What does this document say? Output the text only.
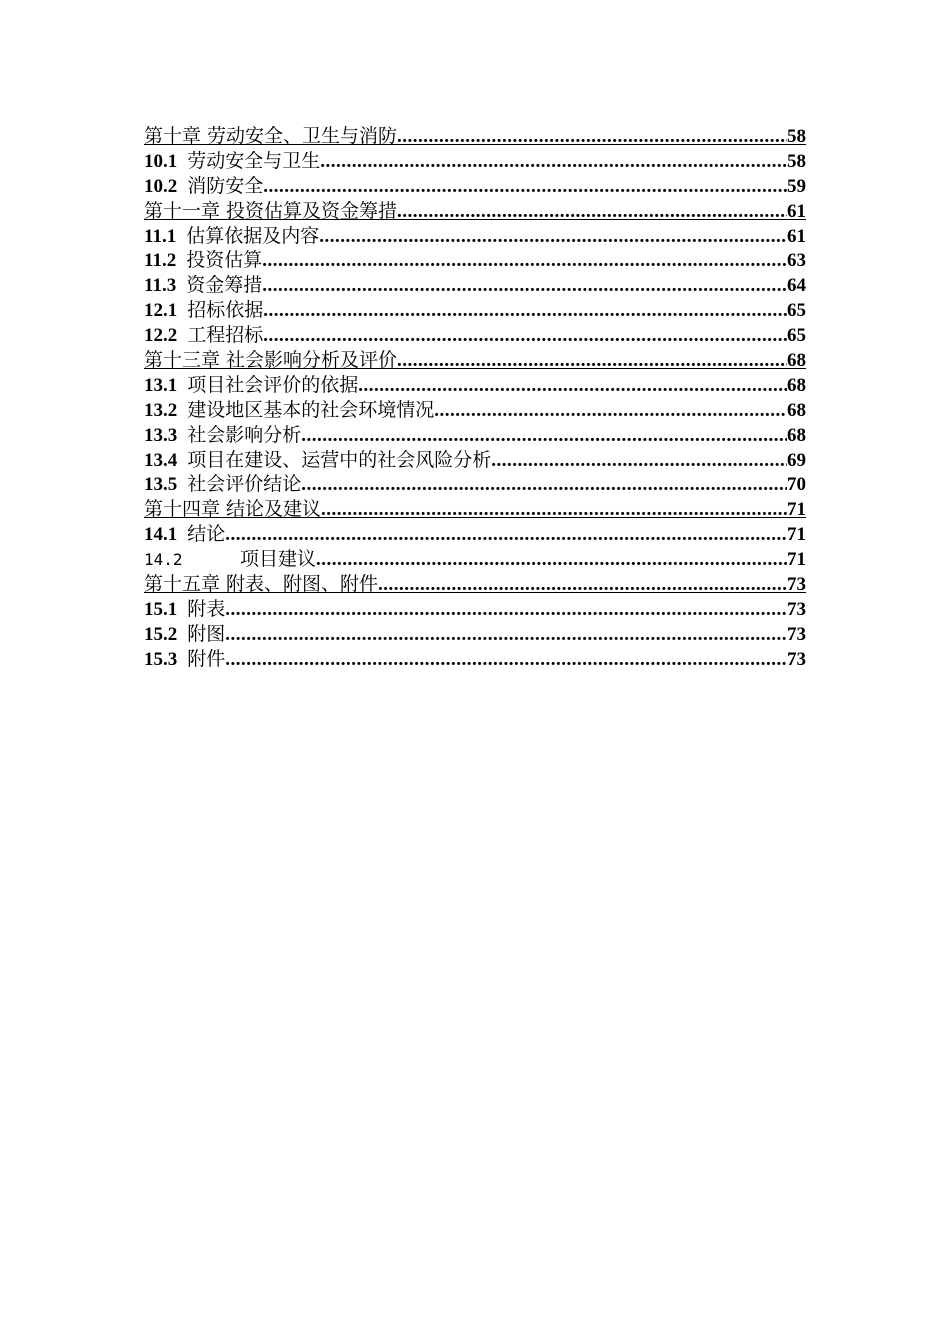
第十章 劳动安全、卫生与消防 .....	58
10.1 劳动安全与卫生 .....	58
10.2 消防安全 .....	59
第十一章 投资估算及资金筹措 .....	61
11.1 估算依据及内容 .....	61
11.2 投资估算 .....	63
11.3 资金筹措 .....	64
12.1 招标依据 .....	65
12.2 工程招标 .....	65
第十三章 社会影响分析及评价 .....	68
13.1 项目社会评价的依据 .....	68
13.2 建设地区基本的社会环境情况 .....	68
13.3 社会影响分析 .....	68
13.4 项目在建设、运营中的社会风险分析 .....	69
13.5 社会评价结论 .....	70
第十四章 结论及建议 .....	71
14.1 结论 .....	71
14.2	项目建议 .....	71
第十五章 附表、附图、附件 .....	73
15.1 附表 .....	73
15.2 附图 .....	73
15.3 附件 .....	73
